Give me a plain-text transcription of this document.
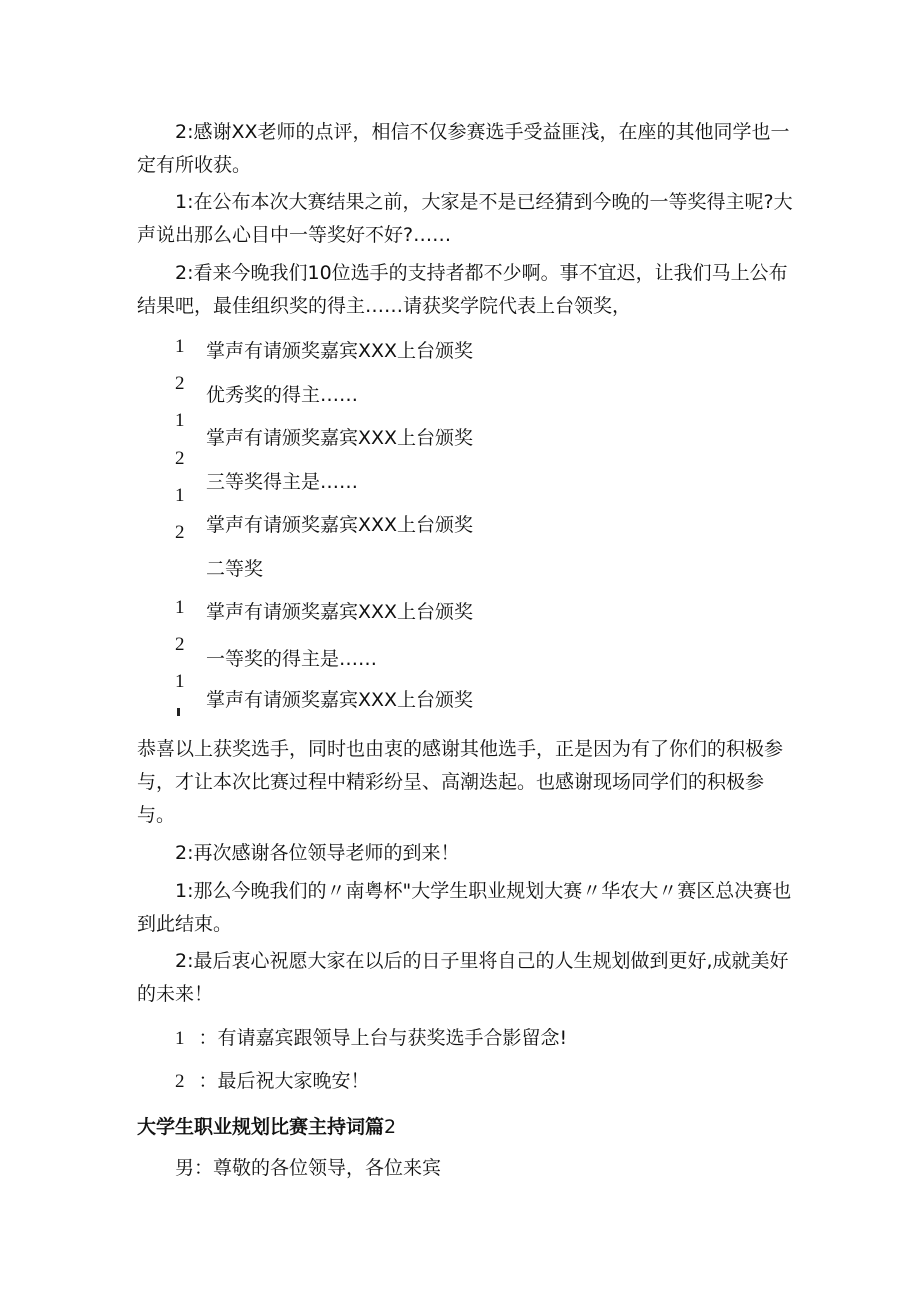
2:感谢XX老师的点评，相信不仅参赛选手受益匪浅，在座的其他同学也一定有所收获。

1:在公布本次大赛结果之前，大家是不是已经猜到今晚的一等奖得主呢?大声说出那么心目中一等奖好不好?……

2:看来今晚我们10位选手的支持者都不少啊。事不宜迟，让我们马上公布结果吧，最佳组织奖的得主……请获奖学院代表上台领奖，

1 掌声有请颁奖嘉宾XXX上台颁奖
2
优秀奖的得主……
1
掌声有请颁奖嘉宾XXX上台颁奖
2
三等奖得主是……
1
掌声有请颁奖嘉宾XXX上台颁奖
2
二等奖
1 掌声有请颁奖嘉宾XXX上台颁奖
2
一等奖的得主是……
1
掌声有请颁奖嘉宾XXX上台颁奖

恭喜以上获奖选手，同时也由衷的感谢其他选手，正是因为有了你们的积极参与，才让本次比赛过程中精彩纷呈、高潮迭起。也感谢现场同学们的积极参与。

2:再次感谢各位领导老师的到来！

1:那么今晚我们的〃南粤杯"大学生职业规划大赛〃华农大〃赛区总决赛也到此结束。

2:最后衷心祝愿大家在以后的日子里将自己的人生规划做到更好,成就美好的未来！

1 ：有请嘉宾跟领导上台与获奖选手合影留念!
2 ：最后祝大家晚安！
大学生职业规划比赛主持词篇2
男：尊敬的各位领导，各位来宾
